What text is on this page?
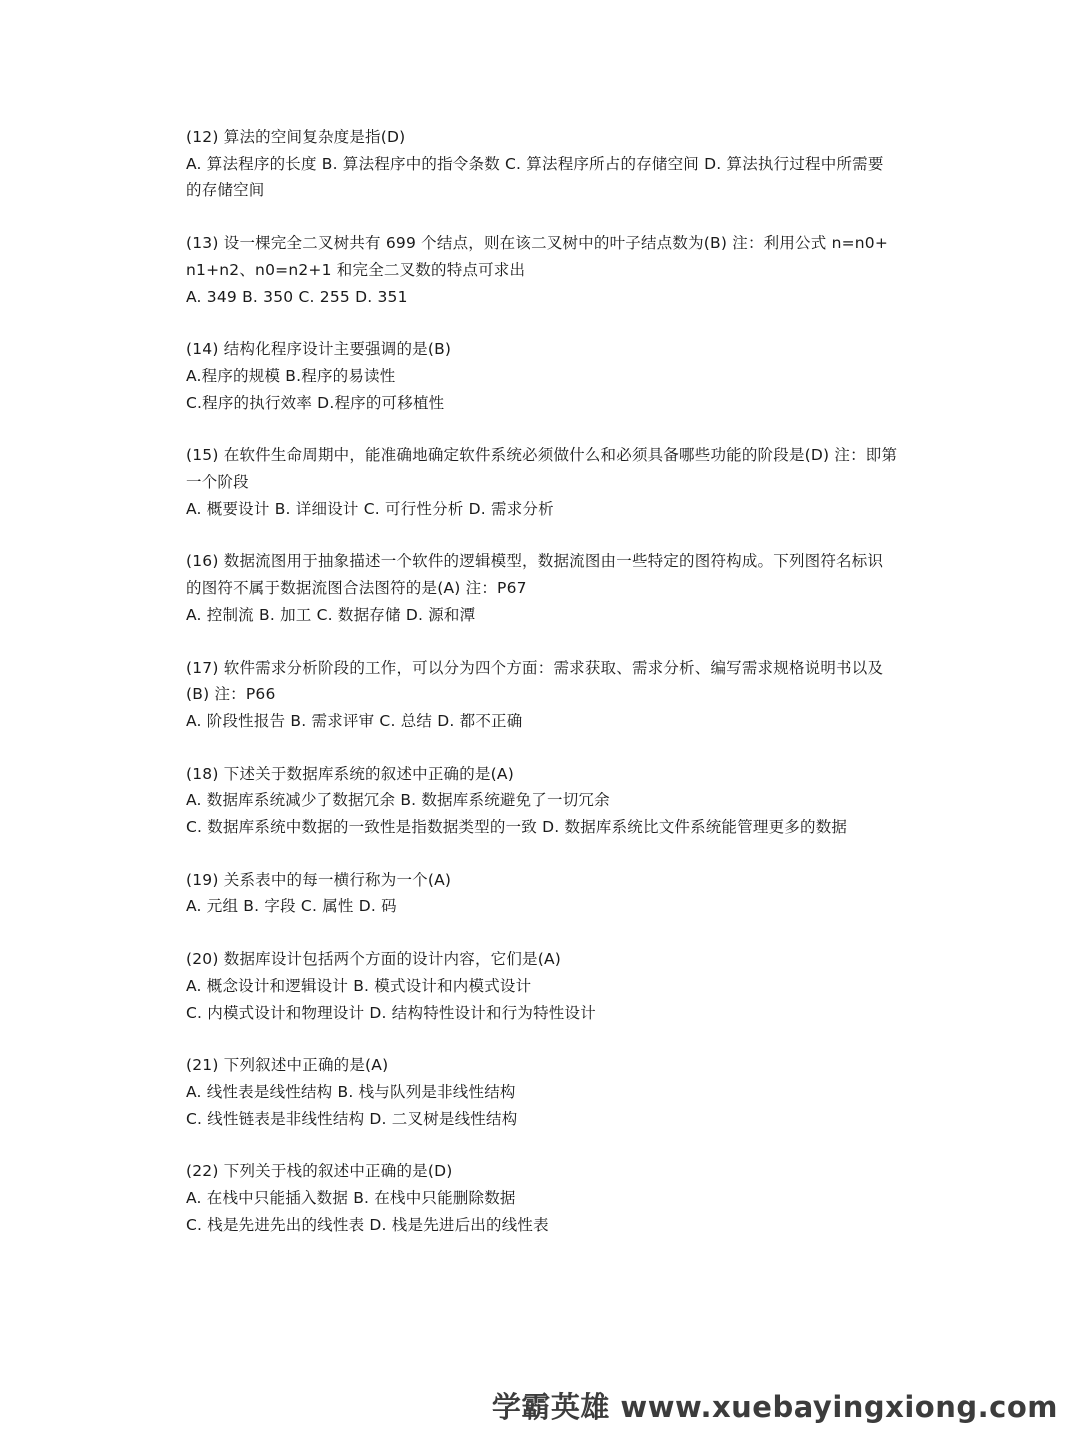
(12) 算法的空间复杂度是指(D)
A. 算法程序的长度 B. 算法程序中的指令条数 C. 算法程序所占的存储空间 D. 算法执行过程中所需要的存储空间
(13) 设一棵完全二叉树共有 699 个结点，则在该二叉树中的叶子结点数为(B) 注：利用公式 n=n0+n1+n2、n0=n2+1 和完全二叉数的特点可求出
A. 349 B. 350 C. 255 D. 351
(14) 结构化程序设计主要强调的是(B)
A.程序的规模 B.程序的易读性
C.程序的执行效率 D.程序的可移植性
(15) 在软件生命周期中，能准确地确定软件系统必须做什么和必须具备哪些功能的阶段是(D) 注：即第一个阶段
A. 概要设计 B. 详细设计 C. 可行性分析 D. 需求分析
(16) 数据流图用于抽象描述一个软件的逻辑模型，数据流图由一些特定的图符构成。下列图符名标识的图符不属于数据流图合法图符的是(A) 注：P67
A. 控制流 B. 加工 C. 数据存储 D. 源和潭
(17) 软件需求分析阶段的工作，可以分为四个方面：需求获取、需求分析、编写需求规格说明书以及(B) 注：P66
A. 阶段性报告 B. 需求评审 C. 总结 D. 都不正确
(18) 下述关于数据库系统的叙述中正确的是(A)
A. 数据库系统减少了数据冗余 B. 数据库系统避免了一切冗余
C. 数据库系统中数据的一致性是指数据类型的一致 D. 数据库系统比文件系统能管理更多的数据
(19) 关系表中的每一横行称为一个(A)
A. 元组 B. 字段 C. 属性 D. 码
(20) 数据库设计包括两个方面的设计内容，它们是(A)
A. 概念设计和逻辑设计 B. 模式设计和内模式设计
C. 内模式设计和物理设计 D. 结构特性设计和行为特性设计
(21) 下列叙述中正确的是(A)
A. 线性表是线性结构 B. 栈与队列是非线性结构
C. 线性链表是非线性结构 D. 二叉树是线性结构
(22) 下列关于栈的叙述中正确的是(D)
A. 在栈中只能插入数据 B. 在栈中只能删除数据
C. 栈是先进先出的线性表 D. 栈是先进后出的线性表
学霸英雄 www.xuebayingxiong.com
